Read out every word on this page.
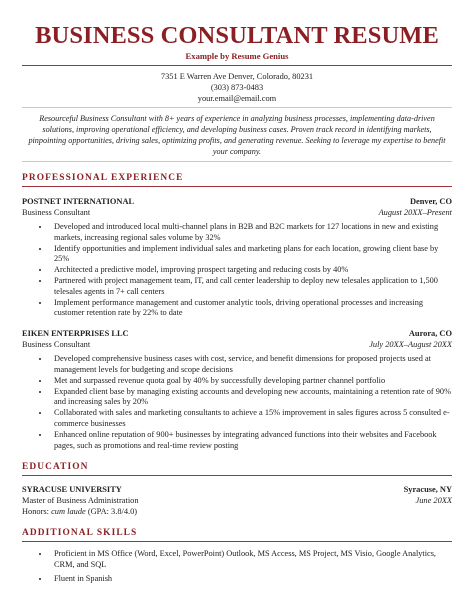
BUSINESS CONSULTANT RESUME
Example by Resume Genius
7351 E Warren Ave Denver, Colorado, 80231
(303) 873-0483
your.email@email.com
Resourceful Business Consultant with 8+ years of experience in analyzing business processes, implementing data-driven solutions, improving operational efficiency, and developing business cases. Proven track record in identifying markets, pinpointing opportunities, driving sales, optimizing profits, and generating revenue. Seeking to leverage my expertise to benefit your company.
PROFESSIONAL EXPERIENCE
POSTNET INTERNATIONAL	Denver, CO
Business Consultant	August 20XX–Present
• Developed and introduced local multi-channel plans in B2B and B2C markets for 127 locations in new and existing markets, increasing regional sales volume by 32%
• Identify opportunities and implement individual sales and marketing plans for each location, growing client base by 25%
• Architected a predictive model, improving prospect targeting and reducing costs by 40%
• Partnered with project management team, IT, and call center leadership to deploy new telesales application to 1,500 telesales agents in 7+ call centers
• Implement performance management and customer analytic tools, driving operational processes and increasing customer retention rate by 22% to date
EIKEN ENTERPRISES LLC	Aurora, CO
Business Consultant	July 20XX–August 20XX
• Developed comprehensive business cases with cost, service, and benefit dimensions for proposed projects used at management levels for budgeting and scope decisions
• Met and surpassed revenue quota goal by 40% by successfully developing partner channel portfolio
• Expanded client base by managing existing accounts and developing new accounts, maintaining a retention rate of 90% and increasing sales by 20%
• Collaborated with sales and marketing consultants to achieve a 15% improvement in sales figures across 5 consulted e-commerce businesses
• Enhanced online reputation of 900+ businesses by integrating advanced functions into their websites and Facebook pages, such as promotions and real-time review posting
EDUCATION
SYRACUSE UNIVERSITY	Syracuse, NY
Master of Business Administration	June 20XX
Honors: cum laude (GPA: 3.8/4.0)
ADDITIONAL SKILLS
• Proficient in MS Office (Word, Excel, PowerPoint) Outlook, MS Access, MS Project, MS Visio, Google Analytics, CRM, and SQL
• Fluent in Spanish
